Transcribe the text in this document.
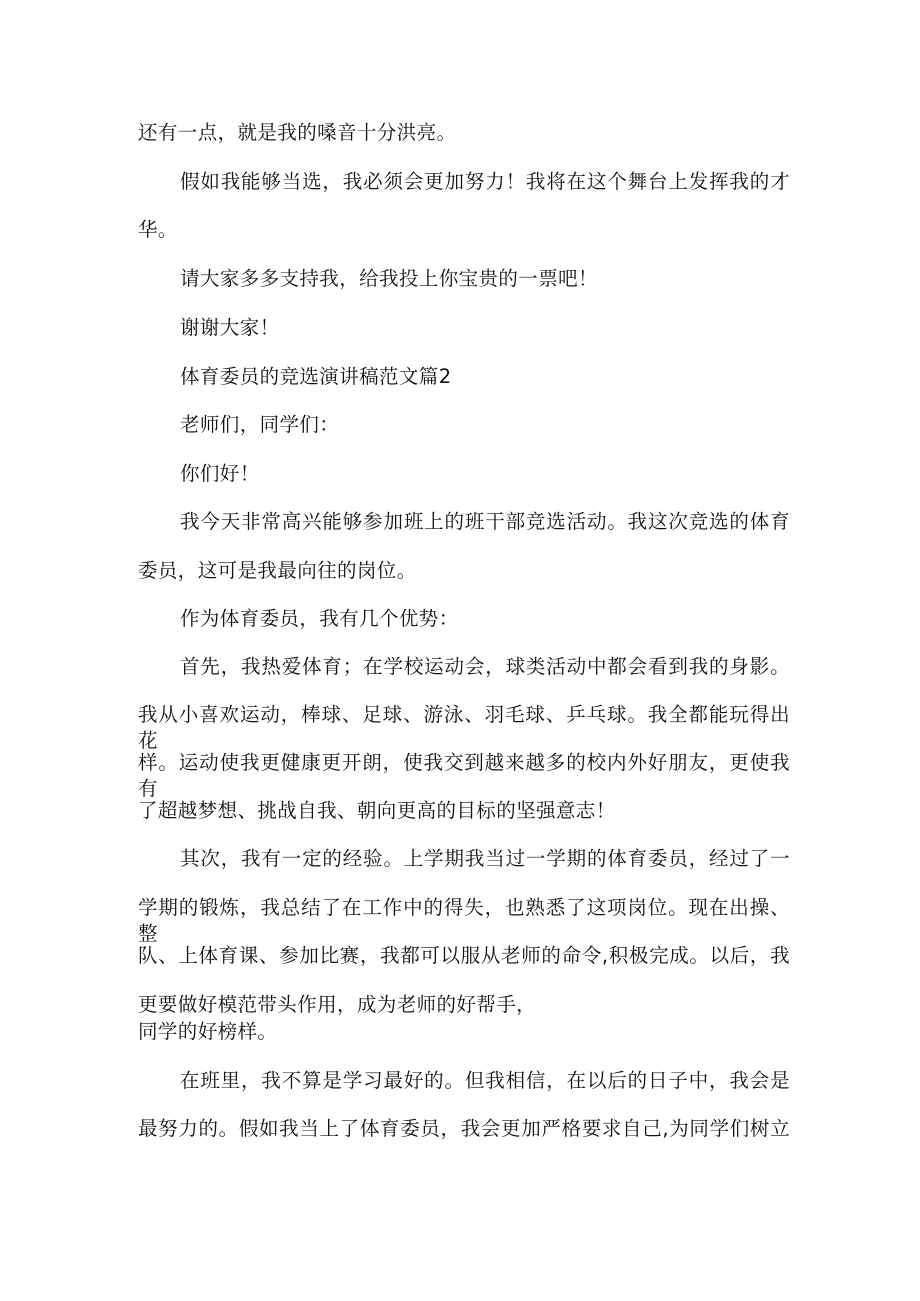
还有一点，就是我的嗓音十分洪亮。

假如我能够当选，我必须会更加努力！我将在这个舞台上发挥我的才

华。

请大家多多支持我，给我投上你宝贵的一票吧！

谢谢大家！

体育委员的竞选演讲稿范文篇2

老师们，同学们：

你们好！

我今天非常高兴能够参加班上的班干部竞选活动。我这次竞选的体育

委员，这可是我最向往的岗位。

作为体育委员，我有几个优势：

首先，我热爱体育；在学校运动会，球类活动中都会看到我的身影。

我从小喜欢运动，棒球、足球、游泳、羽毛球、乒乓球。我全都能玩得出花

样。运动使我更健康更开朗，使我交到越来越多的校内外好朋友，更使我有

了超越梦想、挑战自我、朝向更高的目标的坚强意志！

其次，我有一定的经验。上学期我当过一学期的体育委员，经过了一

学期的锻炼，我总结了在工作中的得失，也熟悉了这项岗位。现在出操、整

队、上体育课、参加比赛，我都可以服从老师的命令,积极完成。以后，我

更要做好模范带头作用，成为老师的好帮手，

同学的好榜样。

在班里，我不算是学习最好的。但我相信，在以后的日子中，我会是

最努力的。假如我当上了体育委员，我会更加严格要求自己,为同学们树立
